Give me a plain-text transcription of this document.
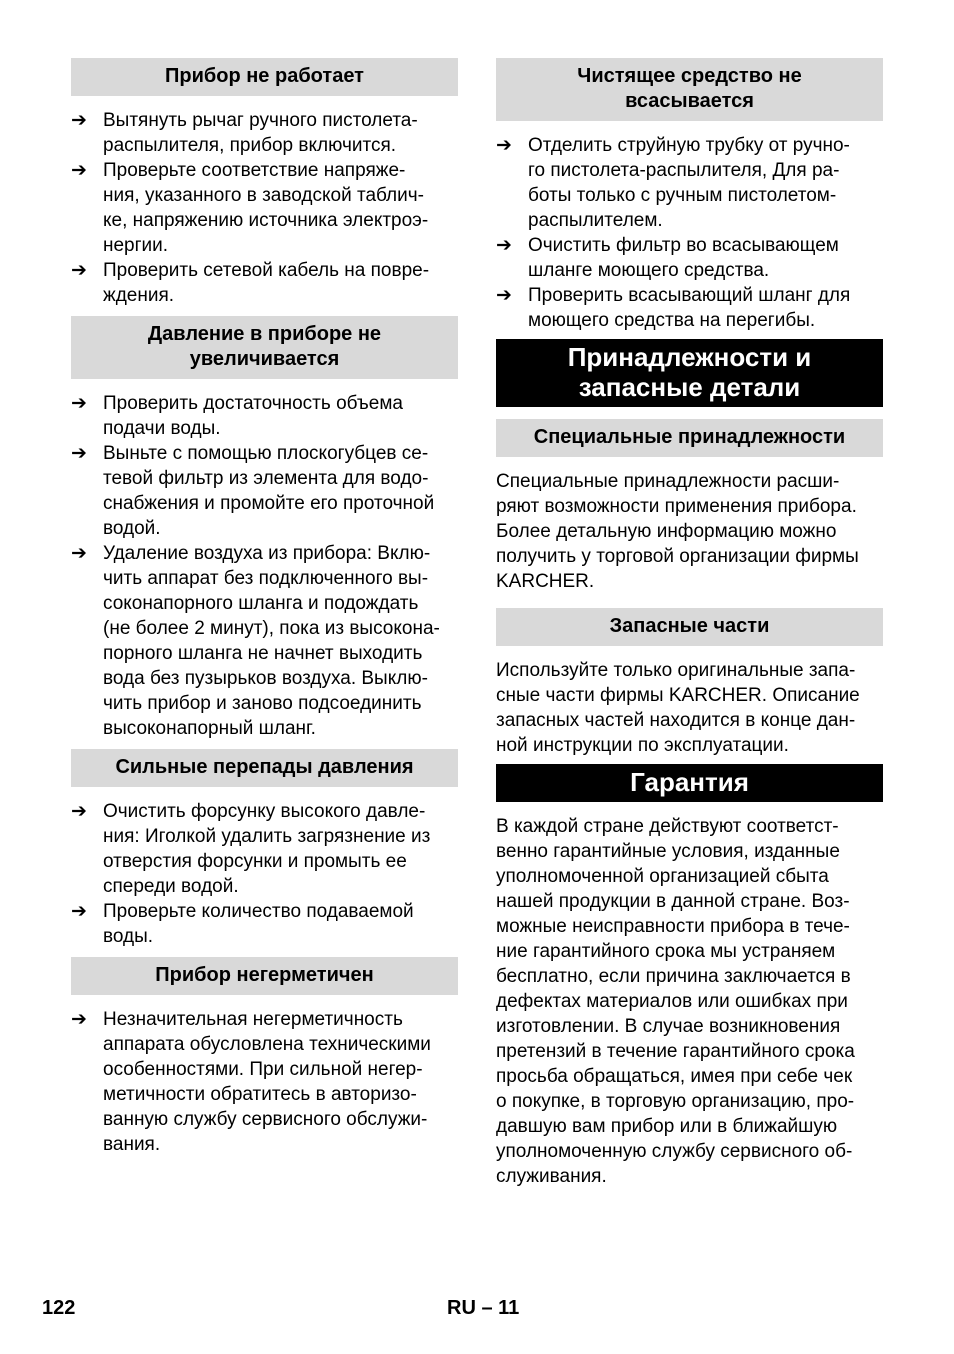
Прибор не работает
➔ Вытянуть рычаг ручного пистолета-
распылителя, прибор включится.
➔ Проверьте соответствие напряже-
ния, указанного в заводской таблич-
ке, напряжению источника электроэ-
нергии.
➔ Проверить сетевой кабель на повре-
ждения.
Давление в приборе не
увеличивается
➔ Проверить достаточность объема
подачи воды.
➔ Выньте с помощью плоскогубцев се-
тевой фильтр из элемента для водо-
снабжения и промойте его проточной
водой.
➔ Удаление воздуха из прибора: Вклю-
чить аппарат без подключенного вы-
соконапорного шланга и подождать
(не более 2 минут), пока из высокона-
порного шланга не начнет выходить
вода без пузырьков воздуха. Выклю-
чить прибор и заново подсоединить
высоконапорный шланг.
Сильные перепады давления
➔ Очистить форсунку высокого давле-
ния: Иголкой удалить загрязнение из
отверстия форсунки и промыть ее
спереди водой.
➔ Проверьте количество подаваемой
воды.
Прибор негерметичен
➔ Незначительная негерметичность
аппарата обусловлена техническими
особенностями. При сильной негер-
метичности обратитесь в авторизо-
ванную службу сервисного обслужи-
вания.
Чистящее средство не
всасывается
➔ Отделить струйную трубку от ручно-
го пистолета-распылителя, Для ра-
боты только с ручным пистолетом-
распылителем.
➔ Очистить фильтр во всасывающем
шланге моющего средства.
➔ Проверить всасывающий шланг для
моющего средства на перегибы.
Принадлежности и
запасные детали
Специальные принадлежности
Специальные принадлежности расши-
ряют возможности применения прибора.
Более детальную информацию можно
получить у торговой организации фирмы
KARCHER.
Запасные части
Используйте только оригинальные запа-
сные части фирмы KARCHER. Описание
запасных частей находится в конце дан-
ной инструкции по эксплуатации.
Гарантия
В каждой стране действуют соответст-
венно гарантийные условия, изданные
уполномоченной организацией сбыта
нашей продукции в данной стране. Воз-
можные неисправности прибора в тече-
ние гарантийного срока мы устраняем
бесплатно, если причина заключается в
дефектах материалов или ошибках при
изготовлении. В случае возникновения
претензий в течение гарантийного срока
просьба обращаться, имея при себе чек
о покупке, в торговую организацию, про-
давшую вам прибор или в ближайшую
уполномоченную службу сервисного об-
служивания.
122	RU – 11
